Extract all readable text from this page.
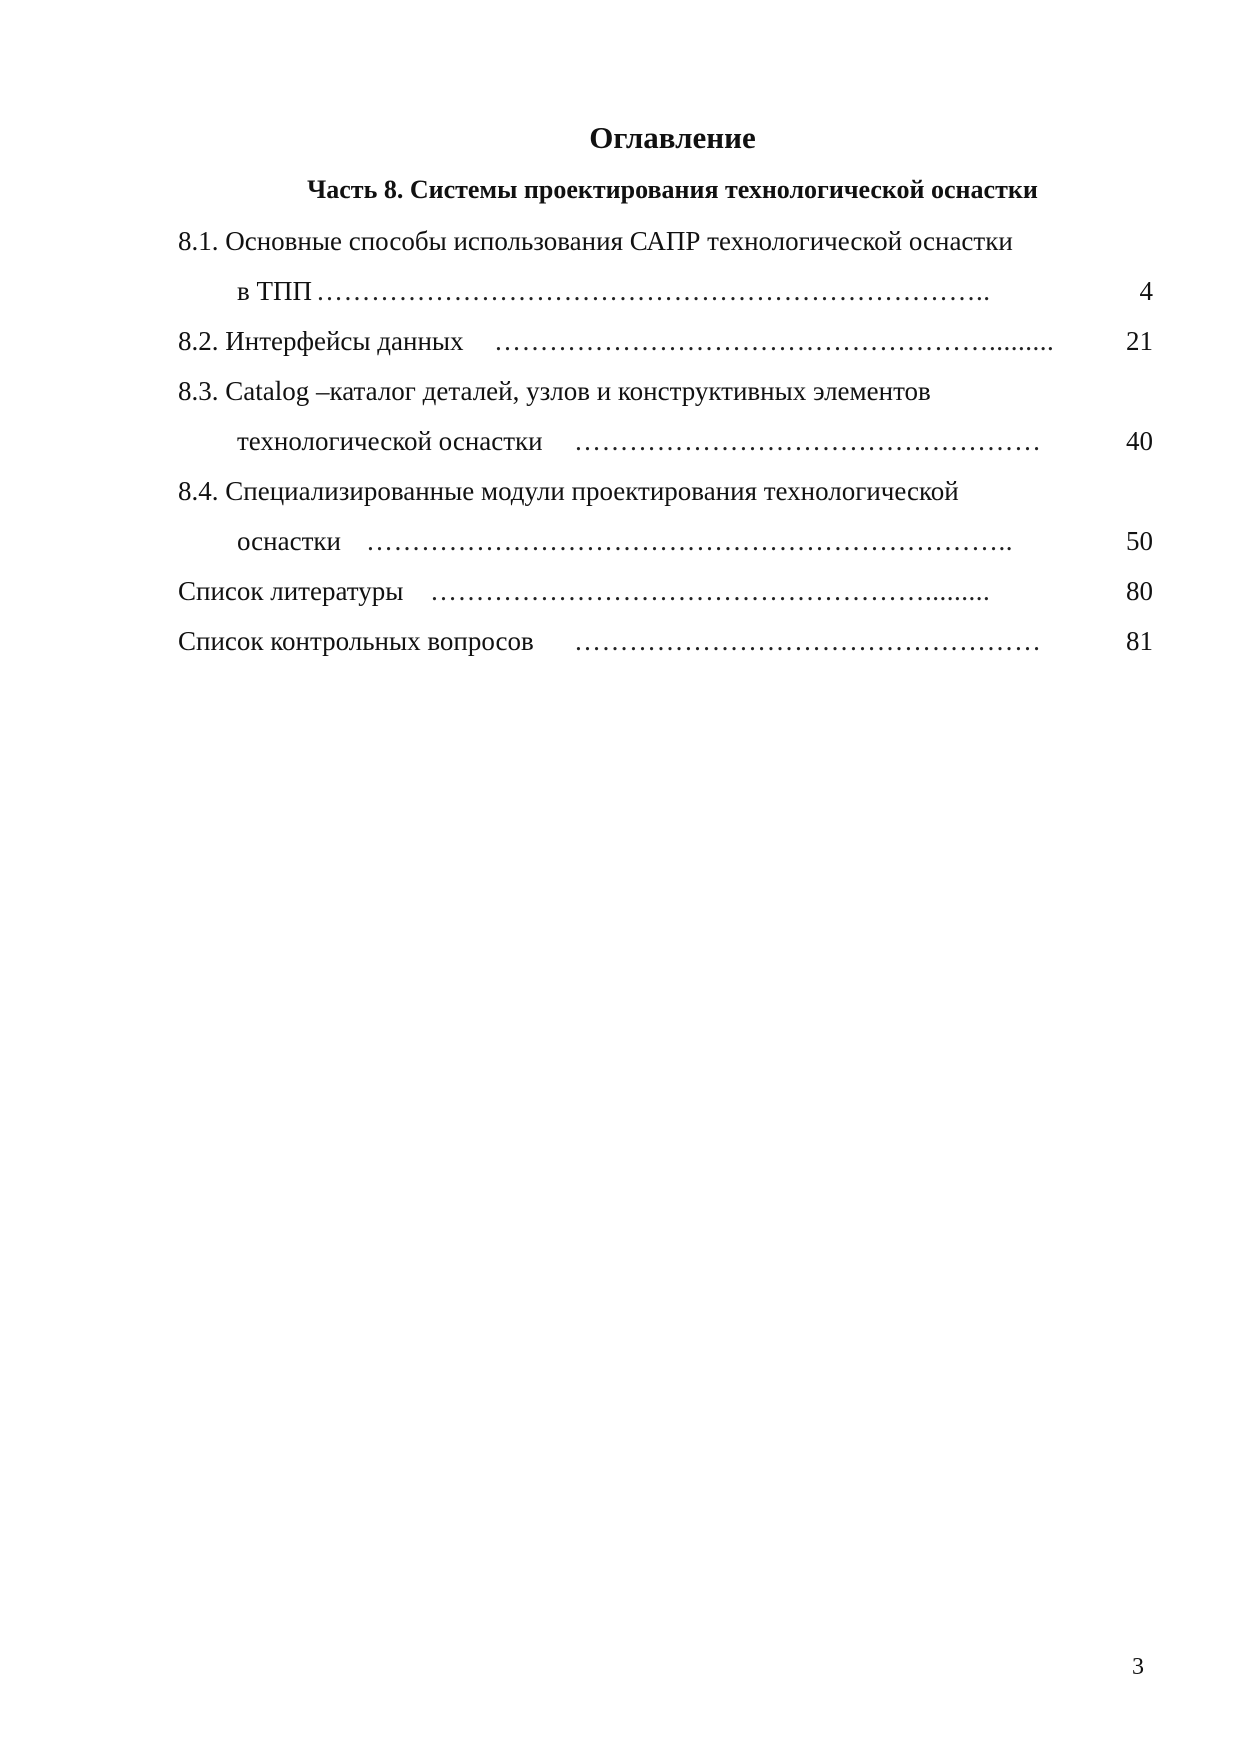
Оглавление
Часть 8. Системы проектирования технологической оснастки
8.1. Основные способы использования САПР технологической оснастки
в ТПП ………………………………………………………………..	4
8.2. Интерфейсы данных ……………………………………………….........	21
8.3. Catalog –каталог деталей, узлов и конструктивных элементов
технологической оснастки ……………………………………………	40
8.4. Специализированные модули проектирования технологической
оснастки ……………………………………………………………..	50
Список литературы ……………………………………………….........	80
Список контрольных вопросов ……………………………………………	81
3
